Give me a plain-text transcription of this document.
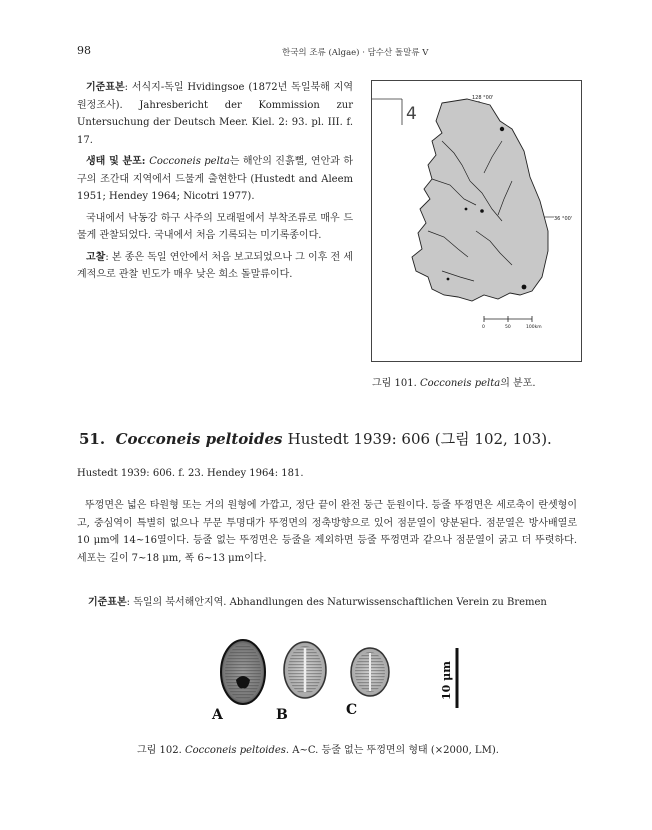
98	한국의 조류 (Algae) · 담수산 돌말류 V

기준표본: 서식지-독일 Hvidingsoe (1872년 독일북해 지역 원정조사). Jahresbericht der Kommission zur Untersuchung der Deutsch Meer. Kiel. 2: 93. pl. III. f. 17.

생태 및 분포: Cocconeis pelta는 해안의 진흙뻘, 연안과 하구의 조간대 지역에서 드물게 출현한다 (Hustedt and Aleem 1951; Hendey 1964; Nicotri 1977).

국내에서 낙동강 하구 사주의 모래펄에서 부착조류로 매우 드물게 관찰되었다. 국내에서 처음 기록되는 미기록종이다.

고찰: 본 종은 독일 연안에서 처음 보고되었으나 그 이후 전 세계적으로 관찰 빈도가 매우 낮은 희소 돌말류이다.

4
128 °00'
36 °00'
0	50	100km
그림 101. Cocconeis pelta의 분포.
51. Cocconeis peltoides Hustedt 1939: 606 (그림 102, 103).
Hustedt 1939: 606. f. 23. Hendey 1964: 181.
뚜껑면은 넓은 타원형 또는 거의 원형에 가깝고, 정단 끝이 완전 둥근 둔원이다. 등줄 뚜껑면은 세로축이 란셋형이고, 중심역이 특별히 없으나 무문 투명대가 뚜껑면의 정축방향으로 있어 점문열이 양분된다. 점문열은 방사배열로 10 μm에 14~16열이다. 등줄 없는 뚜껑면은 등줄을 제외하면 등줄 뚜껑면과 같으나 점문열이 굵고 더 뚜렷하다. 세포는 길이 7~18 μm, 폭 6~13 μm이다.
기준표본: 독일의 북서해안지역. Abhandlungen des Naturwissenschaftlichen Verein zu Bremen
A	B	C
10 μm
그림 102. Cocconeis peltoides. A~C. 등줄 없는 뚜껑면의 형태 (×2000, LM).
